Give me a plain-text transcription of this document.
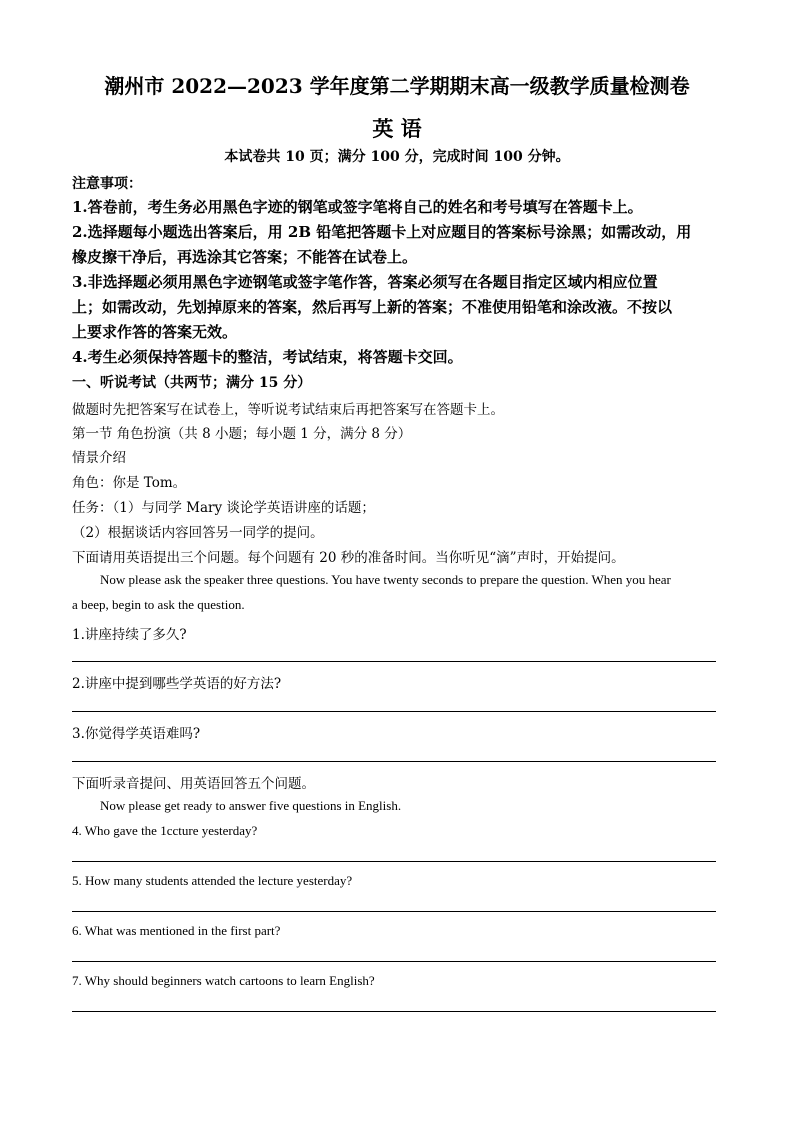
潮州市 2022—2023 学年度第二学期期末高一级教学质量检测卷
英 语
本试卷共 10 页；满分 100 分，完成时间 100 分钟。
注意事项：
1.答卷前，考生务必用黑色字迹的钢笔或签字笔将自己的姓名和考号填写在答题卡上。
2.选择题每小题选出答案后，用 2B 铅笔把答题卡上对应题目的答案标号涂黑；如需改动，用
橡皮擦干净后，再选涂其它答案；不能答在试卷上。
3.非选择题必须用黑色字迹钢笔或签字笔作答，答案必须写在各题目指定区域内相应位置
上；如需改动，先划掉原来的答案，然后再写上新的答案；不准使用铅笔和涂改液。不按以
上要求作答的答案无效。
4.考生必须保持答题卡的整洁，考试结束，将答题卡交回。
一、听说考试（共两节；满分 15 分）
做题时先把答案写在试卷上，等听说考试结束后再把答案写在答题卡上。
第一节 角色扮演（共 8 小题；每小题 1 分，满分 8 分）
情景介绍
角色：你是 Tom。
任务：（1）与同学 Mary 谈论学英语讲座的话题；
（2）根据谈话内容回答另一同学的提问。
下面请用英语提出三个问题。每个问题有 20 秒的准备时间。当你听见“滴”声时，开始提问。
Now please ask the speaker three questions. You have twenty seconds to prepare the question. When you hear
a beep, begin to ask the question.
1.讲座持续了多久?
2.讲座中提到哪些学英语的好方法?
3.你觉得学英语难吗?
下面听录音提问、用英语回答五个问题。
Now please get ready to answer five questions in English.
4. Who gave the 1ccture yesterday?
5. How many students attended the lecture yesterday?
6. What was mentioned in the first part?
7. Why should beginners watch cartoons to learn English?
